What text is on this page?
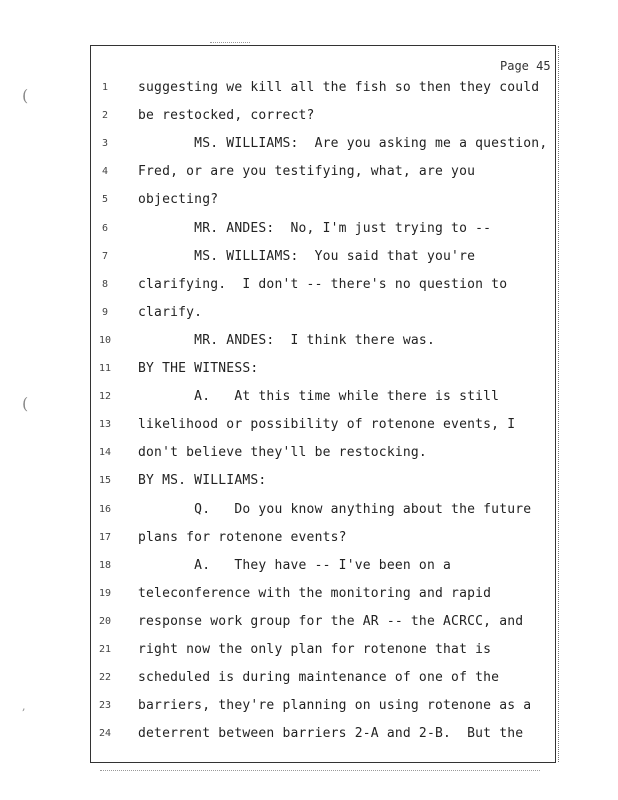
Page 45
(
(
,
1	suggesting we kill all the fish so then they could
2	be restocked, correct?
3	MS. WILLIAMS:  Are you asking me a question,
4	Fred, or are you testifying, what, are you
5	objecting?
6	MR. ANDES:  No, I'm just trying to --
7	MS. WILLIAMS:  You said that you're
8	clarifying.  I don't -- there's no question to
9	clarify.
10	MR. ANDES:  I think there was.
11	BY THE WITNESS:
12	A.   At this time while there is still
13	likelihood or possibility of rotenone events, I
14	don't believe they'll be restocking.
15	BY MS. WILLIAMS:
16	Q.   Do you know anything about the future
17	plans for rotenone events?
18	A.   They have -- I've been on a
19	teleconference with the monitoring and rapid
20	response work group for the AR -- the ACRCC, and
21	right now the only plan for rotenone that is
22	scheduled is during maintenance of one of the
23	barriers, they're planning on using rotenone as a
24	deterrent between barriers 2-A and 2-B.  But the
